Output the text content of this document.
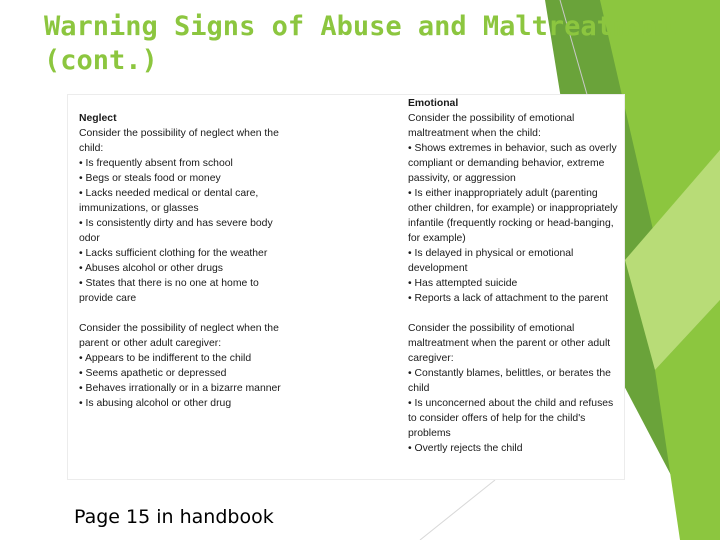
Warning Signs of Abuse and Maltreatment (cont.)
Neglect

Consider the possibility of neglect when the child:

• Is frequently absent from school
• Begs or steals food or money
• Lacks needed medical or dental care, immunizations, or glasses
• Is consistently dirty and has severe body odor
• Lacks sufficient clothing for the weather
• Abuses alcohol or other drugs
• States that there is no one at home to provide care

Consider the possibility of neglect when the parent or other adult caregiver:

• Appears to be indifferent to the child
• Seems apathetic or depressed
• Behaves irrationally or in a bizarre manner
• Is abusing alcohol or other drug
Emotional

Consider the possibility of emotional maltreatment when the child:

• Shows extremes in behavior, such as overly compliant or demanding behavior, extreme passivity, or aggression
• Is either inappropriately adult (parenting other children, for example) or inappropriately infantile (frequently rocking or head-banging, for example)
• Is delayed in physical or emotional development
• Has attempted suicide
• Reports a lack of attachment to the parent

Consider the possibility of emotional maltreatment when the parent or other adult caregiver:

• Constantly blames, belittles, or berates the child
• Is unconcerned about the child and refuses to consider offers of help for the child's problems
• Overtly rejects the child
Page 15 in handbook
